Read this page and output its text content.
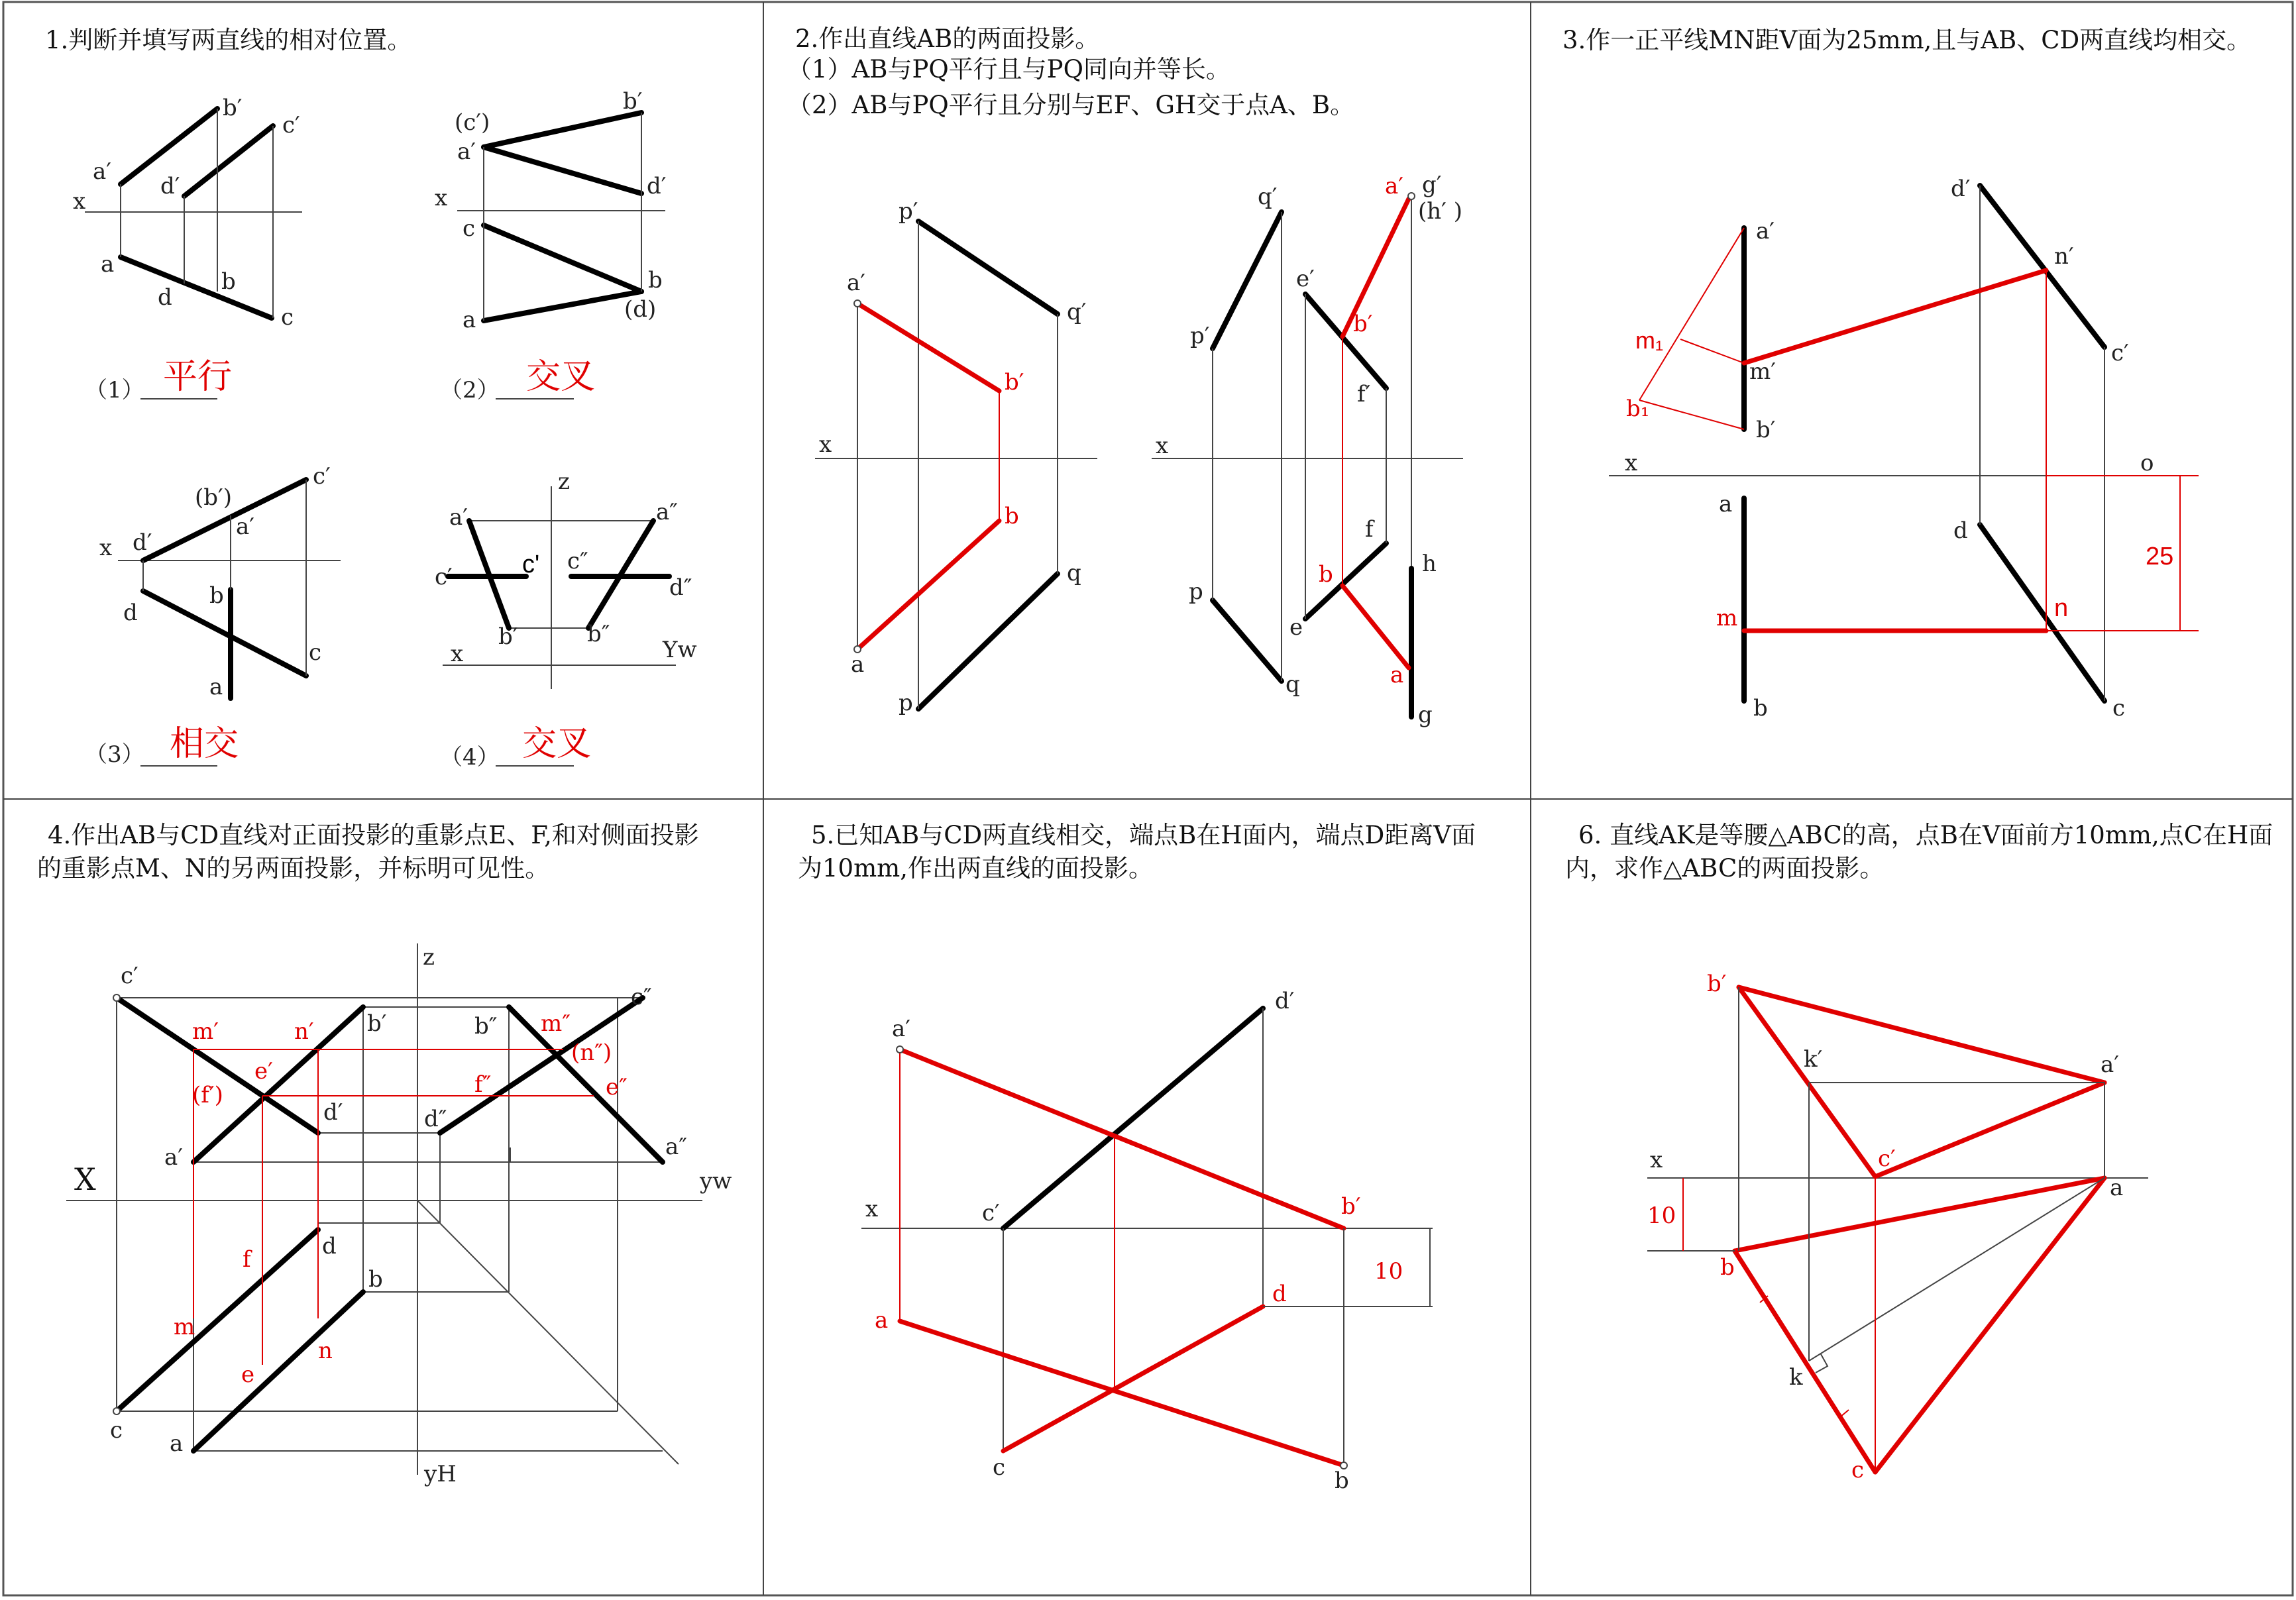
1.判断并填写两直线的相对位置。	2.作出直线AB的两面投影。
（1）AB与PQ平行且与PQ同向并等长。
（2）AB与PQ平行且分别与EF、GH交于点A、B。
3.作一正平线MN距V面为25mm,且与AB、CD两直线均相交。
4.作出AB与CD直线对正面投影的重影点E、F,和对侧面投影
的重影点M、N的另两面投影，并标明可见性。
5.已知AB与CD两直线相交，端点B在H面内，端点D距离V面
为10mm,作出两直线的面投影。
6. 直线AK是等腰△ABC的高，点B在V面前方10mm,点C在H面
内，求作△ABC的两面投影。
x
a′
b′
c′
d′
a
d
b
c
（1） 平行
(c′)
a′
b′
d′
x
c
a
b
(d)
（2） 交叉
x d′
(b′)
a′
c′
d
b
c
a
（3） 相交
z
a′	a″
c′	c' c″
d″
b′	b″
x	Yw
（4） 交叉
x
p′
q′
a′
b′
b
q
a
p
x
q′
p′
e′
b′
f′
a′ g′
(h′ )
p
f
b	h
e
a
q
g
x	o
a′
m′
b′
d′
n′
c′
m₁
b₁
a
d
m	n
b	c
25
X
z
yw
yH
c′
m′	n′ b′	b″ m″
c″
(n″)
(f′)
e′	f″	e″
d′	d″
a′	a″
f	d
b
m
n
e
c a
a′
d′
x	c′	b′
a
d
c	b
10
b′
k′	a′
c′
x
a
10
b
k
c
